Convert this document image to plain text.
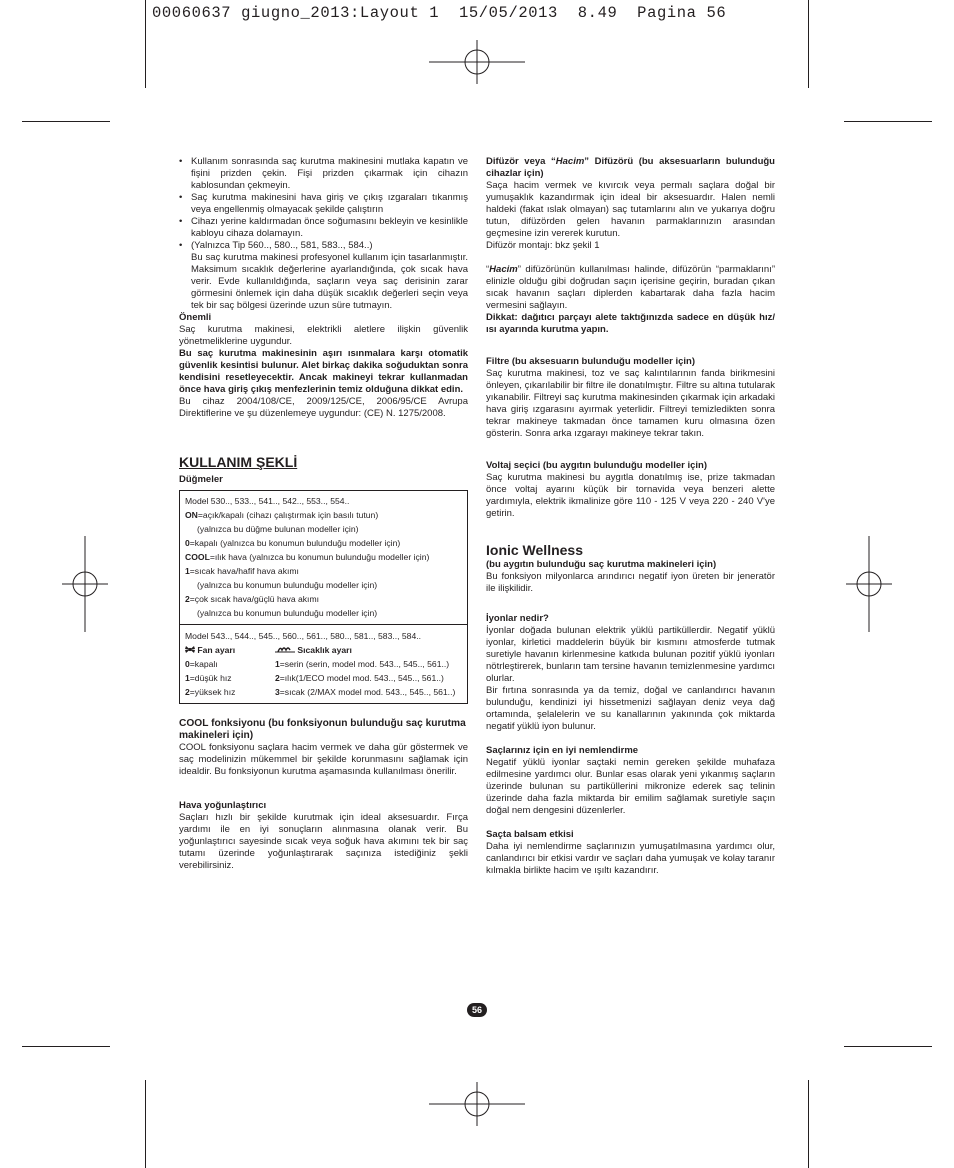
00060637 giugno_2013:Layout 1  15/05/2013  8.49  Pagina 56

• Kullanım sonrasında saç kurutma makinesini mutlaka kapatın ve fişini prizden çekin. Fişi prizden çıkarmak için cihazın kablosundan çekmeyin.

• Saç kurutma makinesini hava giriş ve çıkış ızgaraları tıkanmış veya engellenmiş olmayacak şekilde çalıştırın

• Cihazı yerine kaldırmadan önce soğumasını bekleyin ve kesinlikle kabloyu cihaza dolamayın.

• (Yalnızca Tip 560.., 580.., 581, 583.., 584..)

Bu saç kurutma makinesi profesyonel kullanım için tasarlanmıştır. Maksimum sıcaklık değerlerine ayarlandığında, çok sıcak hava verir. Evde kullanıldığında, saçların veya saç derisinin zarar görmesini önlemek için daha düşük sıcaklık değerleri seçin veya tek bir saç bölgesi üzerinde uzun süre tutmayın.

Önemli

Saç kurutma makinesi, elektrikli aletlere ilişkin güvenlik yönetmeliklerine uygundur.

Bu saç kurutma makinesinin aşırı ısınmalara karşı otomatik güvenlik kesintisi bulunur. Alet birkaç dakika soğuduktan sonra kendisini resetleyecektir. Ancak makineyi tekrar kullanmadan önce hava giriş çıkış menfezlerinin temiz olduğuna dikkat edin.

Bu cihaz 2004/108/CE, 2009/125/CE, 2006/95/CE Avrupa Direktiflerine ve şu düzenlemeye uygundur: (CE) N. 1275/2008.

KULLANIM ŞEKLİ

Düğmeler

Model 530.., 533.., 541.., 542.., 553.., 554..
ON=açık/kapalı (cihazı çalıştırmak için basılı tutun)
(yalnızca bu düğme bulunan modeller için)
0=kapalı (yalnızca bu konumun bulunduğu modeller için)
COOL=ılık hava (yalnızca bu konumun bulunduğu modeller için)
1=sıcak hava/hafif hava akımı
(yalnızca bu konumun bulunduğu modeller için)
2=çok sıcak hava/güçlü hava akımı
(yalnızca bu konumun bulunduğu modeller için)
Model 543.., 544.., 545.., 560.., 561.., 580.., 581.., 583.., 584..
Fan ayarı	Sıcaklık ayarı
0=kapalı	1=serin (serin, model mod. 543.., 545.., 561..)
1=düşük hız	2=ılık(1/ECO model mod. 543.., 545.., 561..)
2=yüksek hız	3=sıcak (2/MAX model mod. 543.., 545.., 561..)

COOL fonksiyonu (bu fonksiyonun bulunduğu saç kurutma makineleri için)

COOL fonksiyonu saçlara hacim vermek ve daha gür göstermek ve saç modelinizin mükemmel bir şekilde korunmasını sağlamak için idealdir. Bu fonksiyonun kurutma aşamasında kullanılması önerilir.

Hava yoğunlaştırıcı

Saçları hızlı bir şekilde kurutmak için ideal aksesuardır. Fırça yardımı ile en iyi sonuçların alınmasına olanak verir. Bu yoğunlaştırıcı sayesinde sıcak veya soğuk hava akımını tek bir saç tutamı üzerinde yoğunlaştırarak saçınıza istediğiniz şekli verebilirsiniz.

Difüzör veya “Hacim” Difüzörü (bu aksesuarların bulunduğu cihazlar için)

Saça hacim vermek ve kıvırcık veya permalı saçlara doğal bir yumuşaklık kazandırmak için ideal bir aksesuardır. Halen nemli haldeki (fakat ıslak olmayan) saç tutamlarını alın ve yukarıya doğru tutun, difüzörden gelen havanın parmaklarınızın arasından geçmesine izin vererek kurutun.

Difüzör montajı: bkz şekil 1

“Hacim” difüzörünün kullanılması halinde, difüzörün “parmaklarını” elinizle olduğu gibi doğrudan saçın içerisine geçirin, buradan çıkan sıcak havanın saçları diplerden kabartarak daha fazla hacim vermesini sağlayın.

Dikkat: dağıtıcı parçayı alete taktığınızda sadece en düşük hız/ısı ayarında kurutma yapın.

Filtre (bu aksesuarın bulunduğu modeller için)

Saç kurutma makinesi, toz ve saç kalıntılarının fanda birikmesini önleyen, çıkarılabilir bir filtre ile donatılmıştır. Filtre su altına tutularak yıkanabilir. Filtreyi saç kurutma makinesinden çıkarmak için arkadaki hava giriş ızgarasını ayırmak yeterlidir. Filtreyi temizledikten sonra tekrar makineye takmadan önce tamamen kuru olmasına özen gösterin. Sonra arka ızgarayı makineye tekrar takın.

Voltaj seçici (bu aygıtın bulunduğu modeller için)

Saç kurutma makinesi bu aygıtla donatılmış ise, prize takmadan önce voltaj ayarını küçük bir tornavida veya benzeri alette yardımıyla, elektrik ikmalinize göre 110 - 125 V veya 220 - 240 V'ye getirin.

Ionic Wellness

(bu aygıtın bulunduğu saç kurutma makineleri için)

Bu fonksiyon milyonlarca arındırıcı negatif iyon üreten bir jeneratör ile ilişkilidir.

İyonlar nedir?

İyonlar doğada bulunan elektrik yüklü partiküllerdir. Negatif yüklü iyonlar, kirletici maddelerin büyük bir kısmını atmosferde tutmak suretiyle havanın kirlenmesine katkıda bulunan pozitif yüklü iyonları nötrleştirerek, bunların tam tersine havanın temizlenmesine yardımcı olurlar.

Bir fırtına sonrasında ya da temiz, doğal ve canlandırıcı havanın bulunduğu, kendinizi iyi hissetmenizi sağlayan deniz veya dağ ortamında, şelalelerin ve su kanallarının yakınında çok miktarda negatif yüklü iyon bulunur.

Saçlarınız için en iyi nemlendirme

Negatif yüklü iyonlar saçtaki nemin gereken şekilde muhafaza edilmesine yardımcı olur. Bunlar esas olarak yeni yıkanmış saçların üzerinde bulunan su partiküllerini mikronize ederek saç telinin üzerinde daha fazla miktarda bir emilim sağlamak suretiyle saçın doğal nem dengesini düzenlerler.

Saçta balsam etkisi

Daha iyi nemlendirme saçlarınızın yumuşatılmasına yardımcı olur, canlandırıcı bir etkisi vardır ve saçları daha yumuşak ve kolay taranır kılmakla birlikte hacim ve ışıltı kazandırır.

56
